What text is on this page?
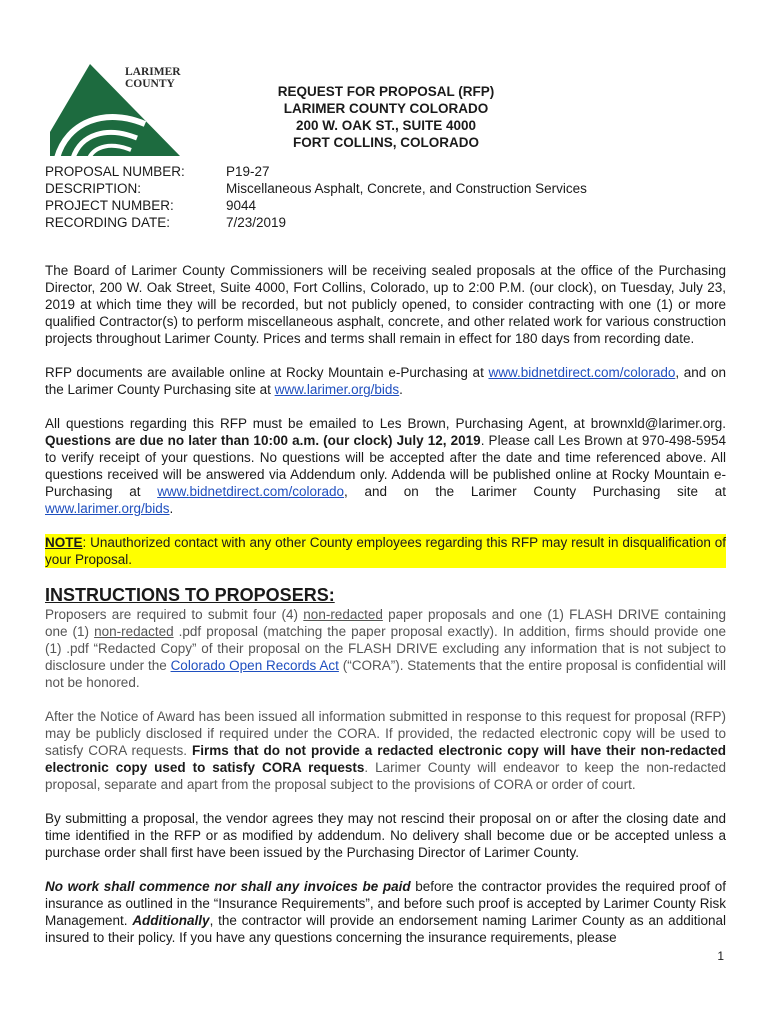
LARIMER
COUNTY	REQUEST FOR PROPOSAL (RFP)
LARIMER COUNTY COLORADO
200 W. OAK ST., SUITE 4000
FORT COLLINS, COLORADO
PROPOSAL NUMBER:	P19-27
DESCRIPTION:	Miscellaneous Asphalt, Concrete, and Construction Services
PROJECT NUMBER:	9044
RECORDING DATE:	7/23/2019

The Board of Larimer County Commissioners will be receiving sealed proposals at the office of the Purchasing Director, 200 W. Oak Street, Suite 4000, Fort Collins, Colorado, up to 2:00 P.M. (our clock), on Tuesday, July 23, 2019 at which time they will be recorded, but not publicly opened, to consider contracting with one (1) or more qualified Contractor(s) to perform miscellaneous asphalt, concrete, and other related work for various construction projects throughout Larimer County. Prices and terms shall remain in effect for 180 days from recording date.

RFP documents are available online at Rocky Mountain e-Purchasing at www.bidnetdirect.com/colorado, and on the Larimer County Purchasing site at www.larimer.org/bids.

All questions regarding this RFP must be emailed to Les Brown, Purchasing Agent, at brownxld@larimer.org. Questions are due no later than 10:00 a.m. (our clock) July 12, 2019. Please call Les Brown at 970-498-5954 to verify receipt of your questions. No questions will be accepted after the date and time referenced above. All questions received will be answered via Addendum only. Addenda will be published online at Rocky Mountain e-Purchasing at www.bidnetdirect.com/colorado, and on the Larimer County Purchasing site at www.larimer.org/bids.

NOTE: Unauthorized contact with any other County employees regarding this RFP may result in disqualification of your Proposal.

INSTRUCTIONS TO PROPOSERS:

Proposers are required to submit four (4) non-redacted paper proposals and one (1) FLASH DRIVE containing one (1) non-redacted .pdf proposal (matching the paper proposal exactly). In addition, firms should provide one (1) .pdf “Redacted Copy” of their proposal on the FLASH DRIVE excluding any information that is not subject to disclosure under the Colorado Open Records Act (“CORA”). Statements that the entire proposal is confidential will not be honored.

After the Notice of Award has been issued all information submitted in response to this request for proposal (RFP) may be publicly disclosed if required under the CORA. If provided, the redacted electronic copy will be used to satisfy CORA requests. Firms that do not provide a redacted electronic copy will have their non-redacted electronic copy used to satisfy CORA requests. Larimer County will endeavor to keep the non-redacted proposal, separate and apart from the proposal subject to the provisions of CORA or order of court.

By submitting a proposal, the vendor agrees they may not rescind their proposal on or after the closing date and time identified in the RFP or as modified by addendum. No delivery shall become due or be accepted unless a purchase order shall first have been issued by the Purchasing Director of Larimer County.

No work shall commence nor shall any invoices be paid before the contractor provides the required proof of insurance as outlined in the “Insurance Requirements”, and before such proof is accepted by Larimer County Risk Management. Additionally, the contractor will provide an endorsement naming Larimer County as an additional insured to their policy. If you have any questions concerning the insurance requirements, please

1
